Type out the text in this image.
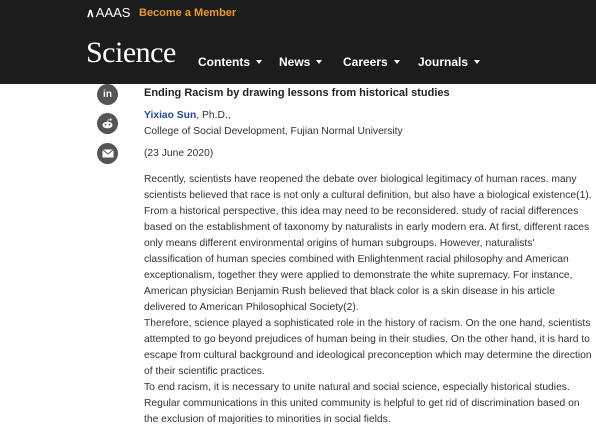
∧ AAAS Become a Member
Science Contents News	Careers	Journals
in	Ending Racism by drawing lessons from historical studies
Yixiao Sun, Ph.D.,
College of Social Development, Fujian Normal University
(23 June 2020)

Recently, scientists have reopened the debate over biological legitimacy of human races. many scientists believed that race is not only a cultural definition, but also have a biological existence(1). From a historical perspective, this idea may need to be reconsidered. study of racial differences based on the establishment of taxonomy by naturalists in early modern era. At first, different races only means different environmental origins of human subgroups. However, naturalists' classification of human species combined with Enlightenment racial philosophy and American exceptionalism, together they were applied to demonstrate the white supremacy. For instance, American physician Benjamin Rush believed that black color is a skin disease in his article delivered to American Philosophical Society(2).

Therefore, science played a sophisticated role in the history of racism. On the one hand, scientists attempted to go beyond prejudices of human being in their studies. On the other hand, it is hard to escape from cultural background and ideological preconception which may determine the direction of their scientific practices.

To end racism, it is necessary to unite natural and social science, especially historical studies. Regular communications in this united community is helpful to get rid of discrimination based on the exclusion of majorities to minorities in social fields.
